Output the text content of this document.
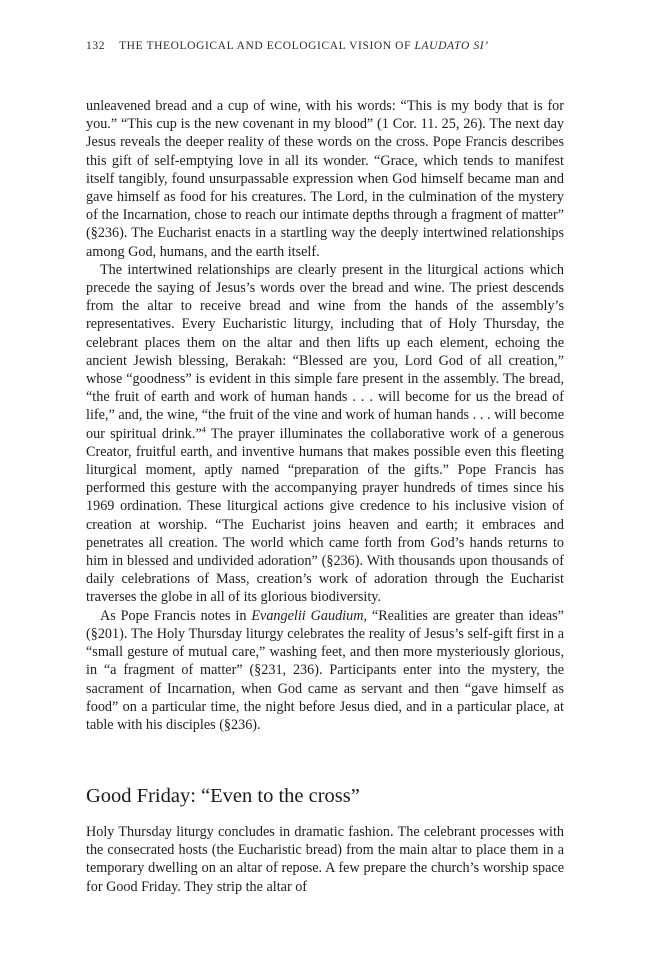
132 THE THEOLOGICAL AND ECOLOGICAL VISION OF LAUDATO SI’

unleavened bread and a cup of wine, with his words: “This is my body that is for you.” “This cup is the new covenant in my blood” (1 Cor. 11. 25, 26). The next day Jesus reveals the deeper reality of these words on the cross. Pope Francis describes this gift of self-emptying love in all its wonder. “Grace, which tends to manifest itself tangibly, found unsurpassable expression when God himself became man and gave himself as food for his creatures. The Lord, in the culmination of the mystery of the Incarnation, chose to reach our intimate depths through a fragment of matter” (§236). The Eucharist enacts in a startling way the deeply intertwined relationships among God, humans, and the earth itself.

The intertwined relationships are clearly present in the liturgical actions which precede the saying of Jesus’s words over the bread and wine. The priest descends from the altar to receive bread and wine from the hands of the assembly’s representatives. Every Eucharistic liturgy, including that of Holy Thursday, the celebrant places them on the altar and then lifts up each element, echoing the ancient Jewish blessing, Berakah: “Blessed are you, Lord God of all creation,” whose “goodness” is evident in this simple fare present in the assembly. The bread, “the fruit of earth and work of human hands . . . will become for us the bread of life,” and, the wine, “the fruit of the vine and work of human hands . . . will become our spiritual drink.”$^4$ The prayer illuminates the collaborative work of a generous Creator, fruitful earth, and inventive humans that makes possible even this fleeting liturgical moment, aptly named “preparation of the gifts.” Pope Francis has performed this gesture with the accompanying prayer hundreds of times since his 1969 ordination. These liturgical actions give credence to his inclusive vision of creation at worship. “The Eucharist joins heaven and earth; it embraces and penetrates all creation. The world which came forth from God’s hands returns to him in blessed and undivided adoration” (§236). With thousands upon thousands of daily celebrations of Mass, creation’s work of adoration through the Eucharist traverses the globe in all of its glorious biodiversity.

As Pope Francis notes in Evangelii Gaudium, “Realities are greater than ideas” (§201). The Holy Thursday liturgy celebrates the reality of Jesus’s self-gift first in a “small gesture of mutual care,” washing feet, and then more mysteriously glorious, in “a fragment of matter” (§231, 236). Participants enter into the mystery, the sacrament of Incarnation, when God came as servant and then “gave himself as food” on a particular time, the night before Jesus died, and in a particular place, at table with his disciples (§236).

Good Friday: “Even to the cross”

Holy Thursday liturgy concludes in dramatic fashion. The celebrant processes with the consecrated hosts (the Eucharistic bread) from the main altar to place them in a temporary dwelling on an altar of repose. A few prepare the church’s worship space for Good Friday. They strip the altar of
